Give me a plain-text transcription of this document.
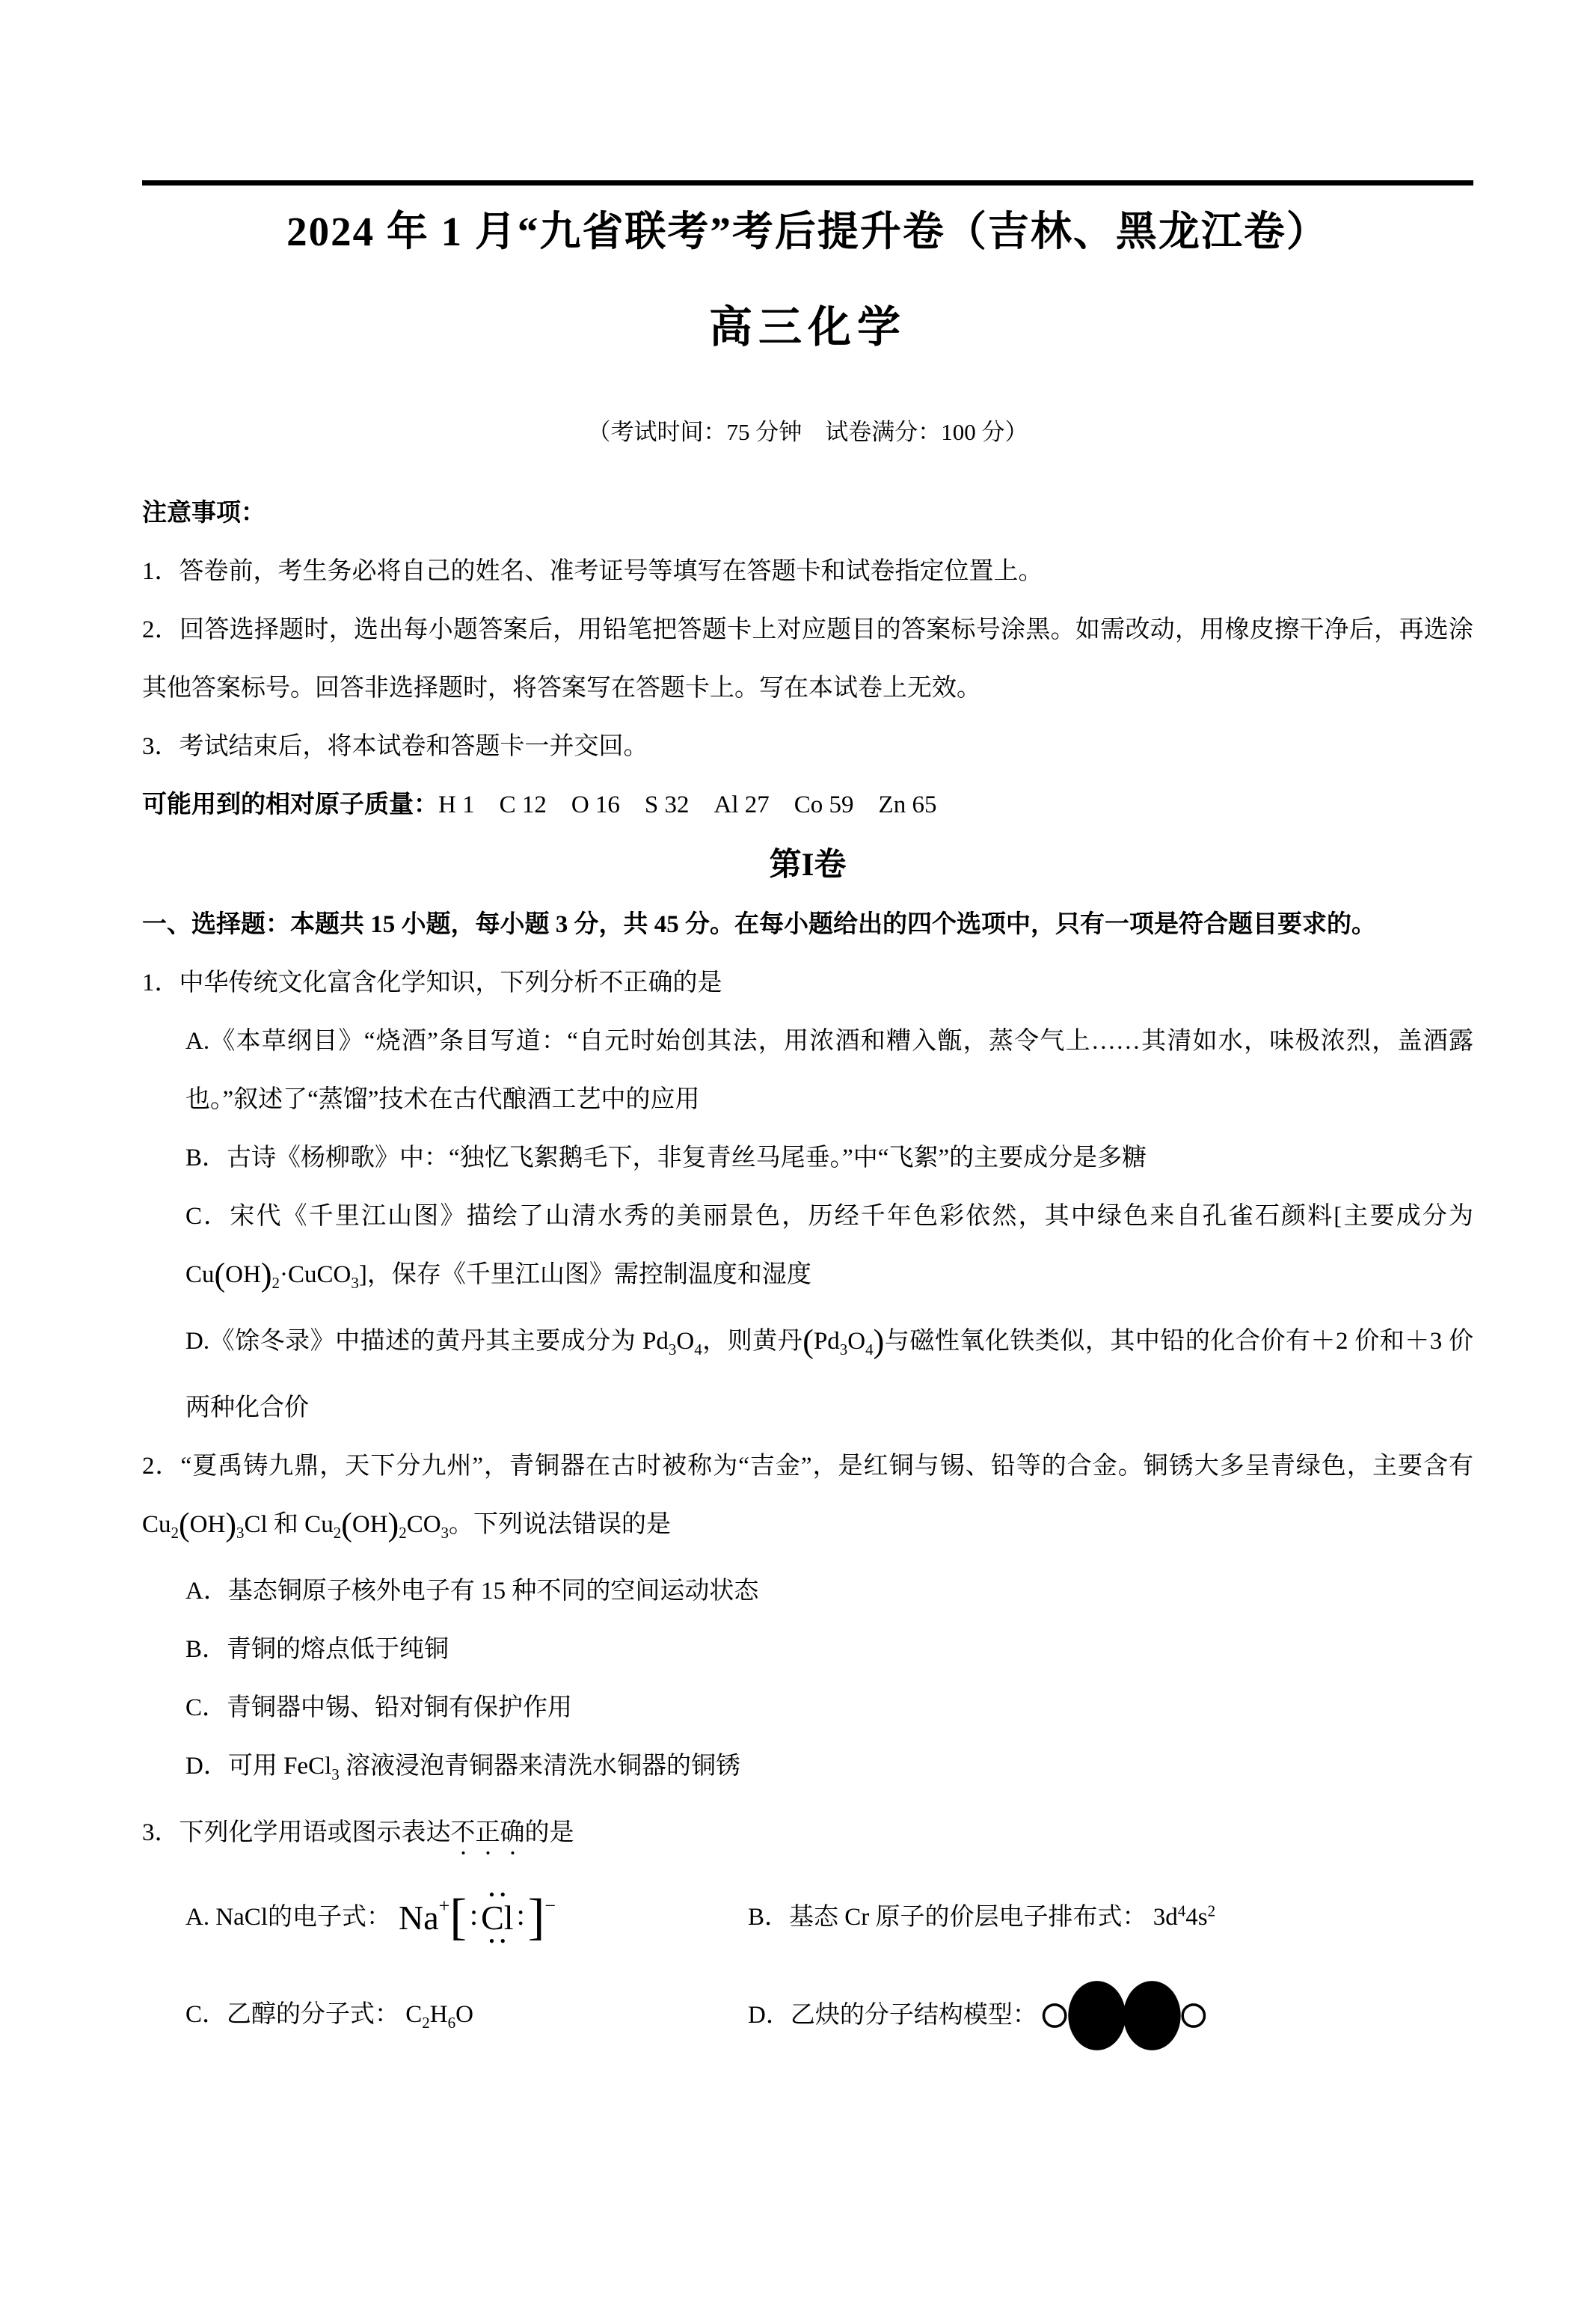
2024 年 1 月“九省联考”考后提升卷（吉林、黑龙江卷）
高三化学
（考试时间：75 分钟　试卷满分：100 分）
注意事项：

1．答卷前，考生务必将自己的姓名、准考证号等填写在答题卡和试卷指定位置上。

2．回答选择题时，选出每小题答案后，用铅笔把答题卡上对应题目的答案标号涂黑。如需改动，用橡皮擦干净后，再选涂其他答案标号。回答非选择题时，将答案写在答题卡上。写在本试卷上无效。

3．考试结束后，将本试卷和答题卡一并交回。

可能用到的相对原子质量：H 1　C 12　O 16　S 32　Al 27　Co 59　Zn 65

第I卷

一、选择题：本题共 15 小题，每小题 3 分，共 45 分。在每小题给出的四个选项中，只有一项是符合题目要求的。

1．中华传统文化富含化学知识，下列分析不正确的是

A.《本草纲目》“烧酒”条目写道：“自元时始创其法，用浓酒和糟入甑，蒸令气上……其清如水，味极浓烈，盖酒露也。”叙述了“蒸馏”技术在古代酿酒工艺中的应用

B．古诗《杨柳歌》中：“独忆飞絮鹅毛下，非复青丝马尾垂。”中“飞絮”的主要成分是多糖

C．宋代《千里江山图》描绘了山清水秀的美丽景色，历经千年色彩依然，其中绿色来自孔雀石颜料[主要成分为 $Cu(OH)_2\cdot CuCO_3$]，保存《千里江山图》需控制温度和湿度

D.《馀冬录》中描述的黄丹其主要成分为 $Pd_3O_4$，则黄丹$(Pd_3O_4)$与磁性氧化铁类似，其中铅的化合价有＋2 价和＋3 价两种化合价

2．“夏禹铸九鼎，天下分九州”，青铜器在古时被称为“吉金”，是红铜与锡、铅等的合金。铜锈大多呈青绿色，主要含有 $Cu_2(OH)_3Cl$ 和 $Cu_2(OH)_2CO_3$。下列说法错误的是

A．基态铜原子核外电子有 15 种不同的空间运动状态

B．青铜的熔点低于纯铜

C．青铜器中锡、铅对铜有保护作用

D．可用 FeCl$_3$ 溶液浸泡青铜器来清洗水铜器的铜锈

3．下列化学用语或图示表达不正确的是

A. NaCl的电子式： Na + [ :
••
Cl
••
: ] −	B．基态 Cr 原子的价层电子排布式： $3d^44s^2$
C．乙醇的分子式： $C_2H_6O$	D．乙炔的分子结构模型：
